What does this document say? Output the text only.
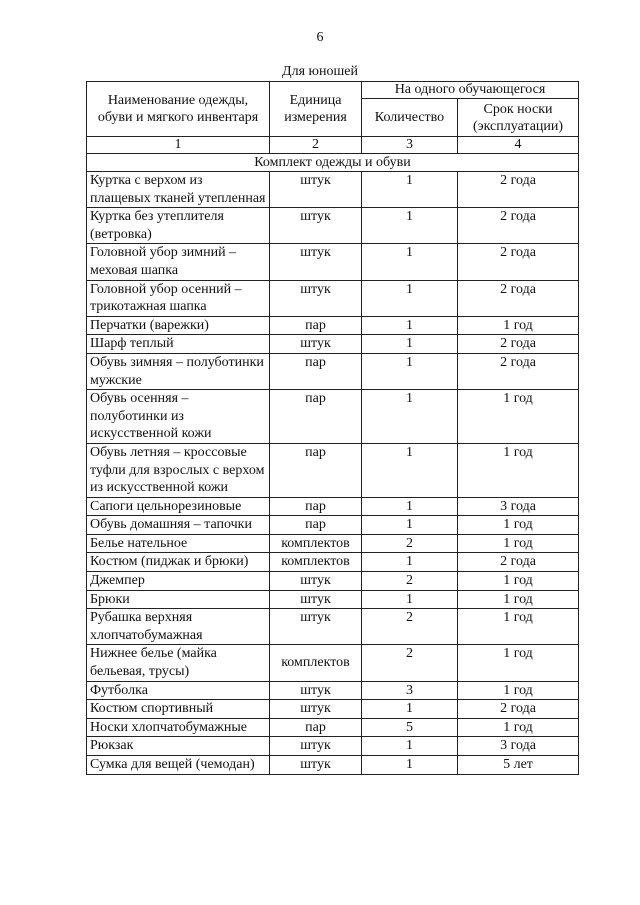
6
Для юношей
Наименование одежды, обуви и мягкого инвентаря	Единица измерения	На одного обучающегося	
		Количество	Срок носки (эксплуатации)
1	2	3	4
Комплект одежды и обуви			
Куртка с верхом из плащевых тканей утепленная	штук	1	2 года
Куртка без утеплителя (ветровка)	штук	1	2 года
Головной убор зимний – меховая шапка	штук	1	2 года
Головной убор осенний – трикотажная шапка	штук	1	2 года
Перчатки (варежки)	пар	1	1 год
Шарф теплый	штук	1	2 года
Обувь зимняя – полуботинки мужские	пар	1	2 года
Обувь осенняя – полуботинки из искусственной кожи	пар	1	1 год
Обувь летняя – кроссовые туфли для взрослых с верхом из искусственной кожи	пар	1	1 год
Сапоги цельнорезиновые	пар	1	3 года
Обувь домашняя – тапочки	пар	1	1 год
Белье нательное	комплектов	2	1 год
Костюм (пиджак и брюки)	комплектов	1	2 года
Джемпер	штук	2	1 год
Брюки	штук	1	1 год
Рубашка верхняя хлопчатобумажная	штук	2	1 год
Нижнее белье (майка бельевая, трусы)	комплектов	2	1 год
Футболка	штук	3	1 год
Костюм спортивный	штук	1	2 года
Носки хлопчатобумажные	пар	5	1 год
Рюкзак	штук	1	3 года
Сумка для вещей (чемодан)	штук	1	5 лет
